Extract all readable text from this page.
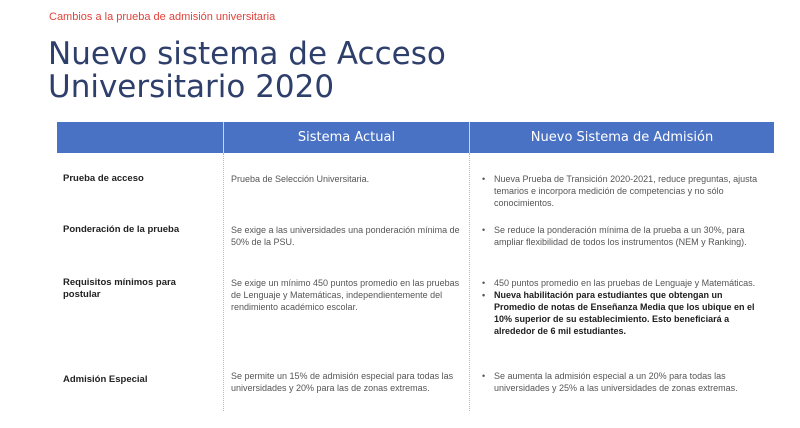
Cambios a la prueba de admisión universitaria
Nuevo sistema de Acceso Universitario 2020
Sistema Actual	Nuevo Sistema de Admisión
Prueba de acceso	Prueba de Selección Universitaria.
•	Nueva Prueba de Transición 2020-2021, reduce preguntas, ajusta temarios e incorpora medición de competencias y no sólo conocimientos.
Ponderación de la prueba	Se exige a las universidades una ponderación mínima de 50% de la PSU.
• Se reduce la ponderación mínima de la prueba a un 30%, para ampliar flexibilidad de todos los instrumentos (NEM y Ranking).
Requisitos mínimos para postular
Se exige un mínimo 450 puntos promedio en las pruebas de Lenguaje y Matemáticas, independientemente del rendimiento académico escolar.
• 450 puntos promedio en las pruebas de Lenguaje y Matemáticas.
• Nueva habilitación para estudiantes que obtengan un Promedio de notas de Enseñanza Media que los ubique en el 10% superior de su establecimiento. Esto beneficiará a alrededor de 6 mil estudiantes.
Admisión Especial	Se permite un 15% de admisión especial para todas las universidades y 20% para las de zonas extremas.
• Se aumenta la admisión especial a un 20% para todas las universidades y 25% a las universidades de zonas extremas.
